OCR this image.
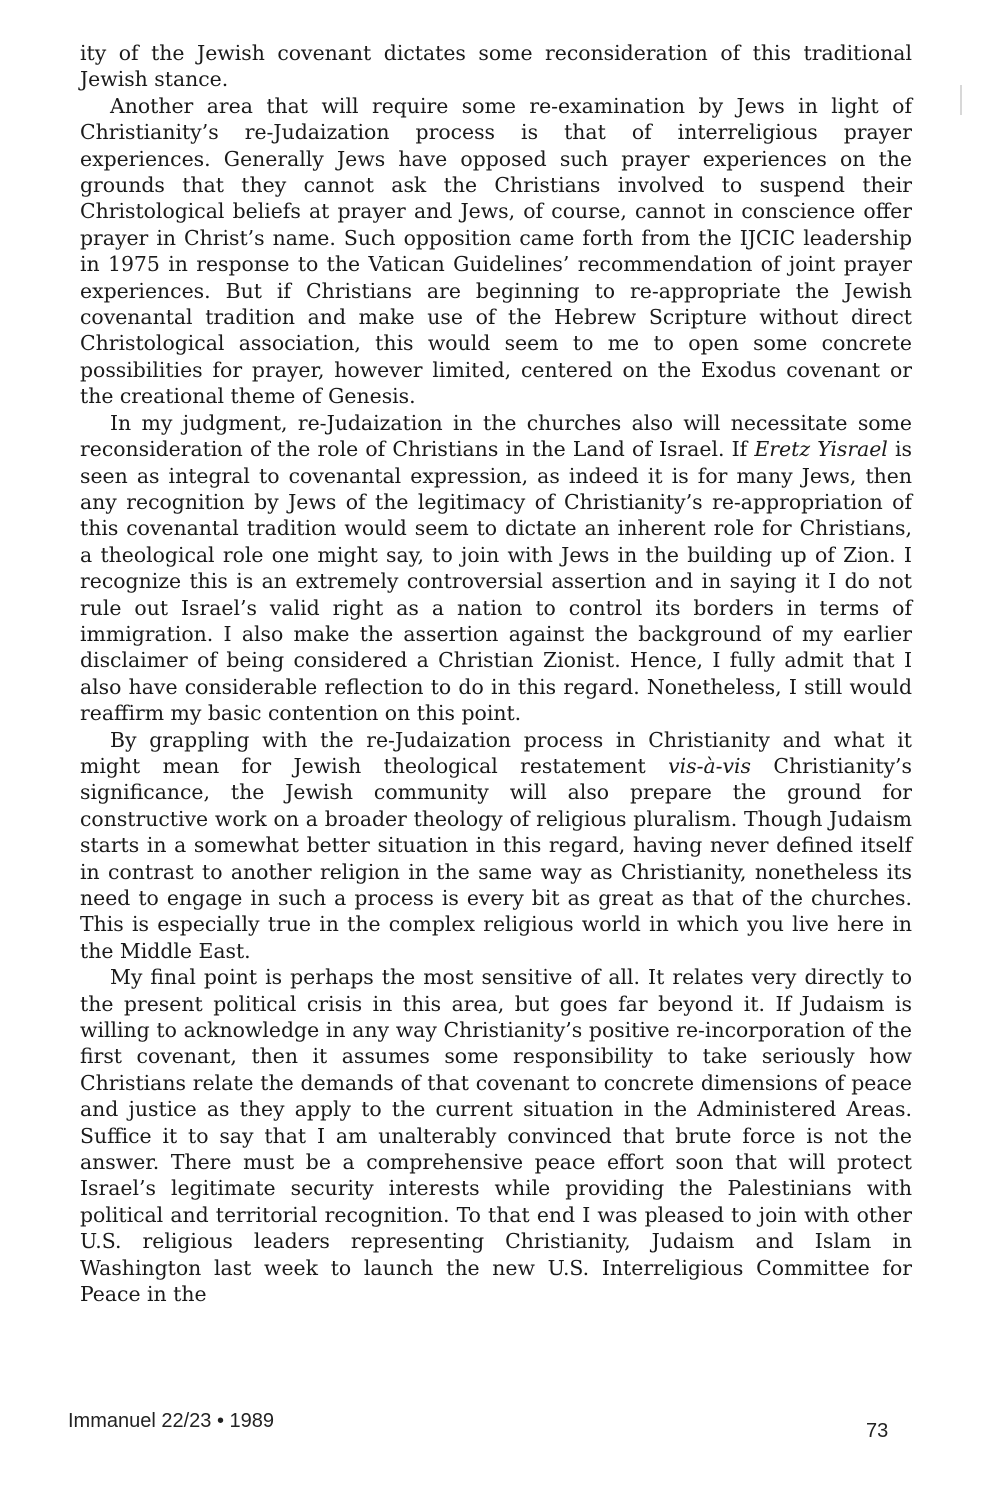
ity of the Jewish covenant dictates some reconsideration of this traditional Jewish stance.

Another area that will require some re-examination by Jews in light of Christianity’s re-Judaization process is that of interreligious prayer experiences. Generally Jews have opposed such prayer experiences on the grounds that they cannot ask the Christians involved to suspend their Christological beliefs at prayer and Jews, of course, cannot in conscience offer prayer in Christ’s name. Such opposition came forth from the IJCIC leadership in 1975 in response to the Vatican Guidelines’ recommendation of joint prayer experiences. But if Christians are beginning to re-appropriate the Jewish covenantal tradition and make use of the Hebrew Scripture without direct Christological association, this would seem to me to open some concrete possibilities for prayer, however limited, centered on the Exodus covenant or the creational theme of Genesis.

In my judgment, re-Judaization in the churches also will necessitate some reconsideration of the role of Christians in the Land of Israel. If Eretz Yisrael is seen as integral to covenantal expression, as indeed it is for many Jews, then any recognition by Jews of the legitimacy of Christianity’s re-appropriation of this covenantal tradition would seem to dictate an inherent role for Christians, a theological role one might say, to join with Jews in the building up of Zion. I recognize this is an extremely controversial assertion and in saying it I do not rule out Israel’s valid right as a nation to control its borders in terms of immigration. I also make the assertion against the background of my earlier disclaimer of being considered a Christian Zionist. Hence, I fully admit that I also have considerable reflection to do in this regard. Nonetheless, I still would reaffirm my basic contention on this point.

By grappling with the re-Judaization process in Christianity and what it might mean for Jewish theological restatement vis-à-vis Christianity’s significance, the Jewish community will also prepare the ground for constructive work on a broader theology of religious pluralism. Though Judaism starts in a somewhat better situation in this regard, having never defined itself in contrast to another religion in the same way as Christianity, nonetheless its need to engage in such a process is every bit as great as that of the churches. This is especially true in the complex religious world in which you live here in the Middle East.

My final point is perhaps the most sensitive of all. It relates very directly to the present political crisis in this area, but goes far beyond it. If Judaism is willing to acknowledge in any way Christianity’s positive re-incorporation of the first covenant, then it assumes some responsibility to take seriously how Christians relate the demands of that covenant to concrete dimensions of peace and justice as they apply to the current situation in the Administered Areas. Suffice it to say that I am unalterably convinced that brute force is not the answer. There must be a comprehensive peace effort soon that will protect Israel’s legitimate security interests while providing the Palestinians with political and territorial recognition. To that end I was pleased to join with other U.S. religious leaders representing Christianity, Judaism and Islam in Washington last week to launch the new U.S. Interreligious Committee for Peace in the

Immanuel 22/23 • 1989	73
